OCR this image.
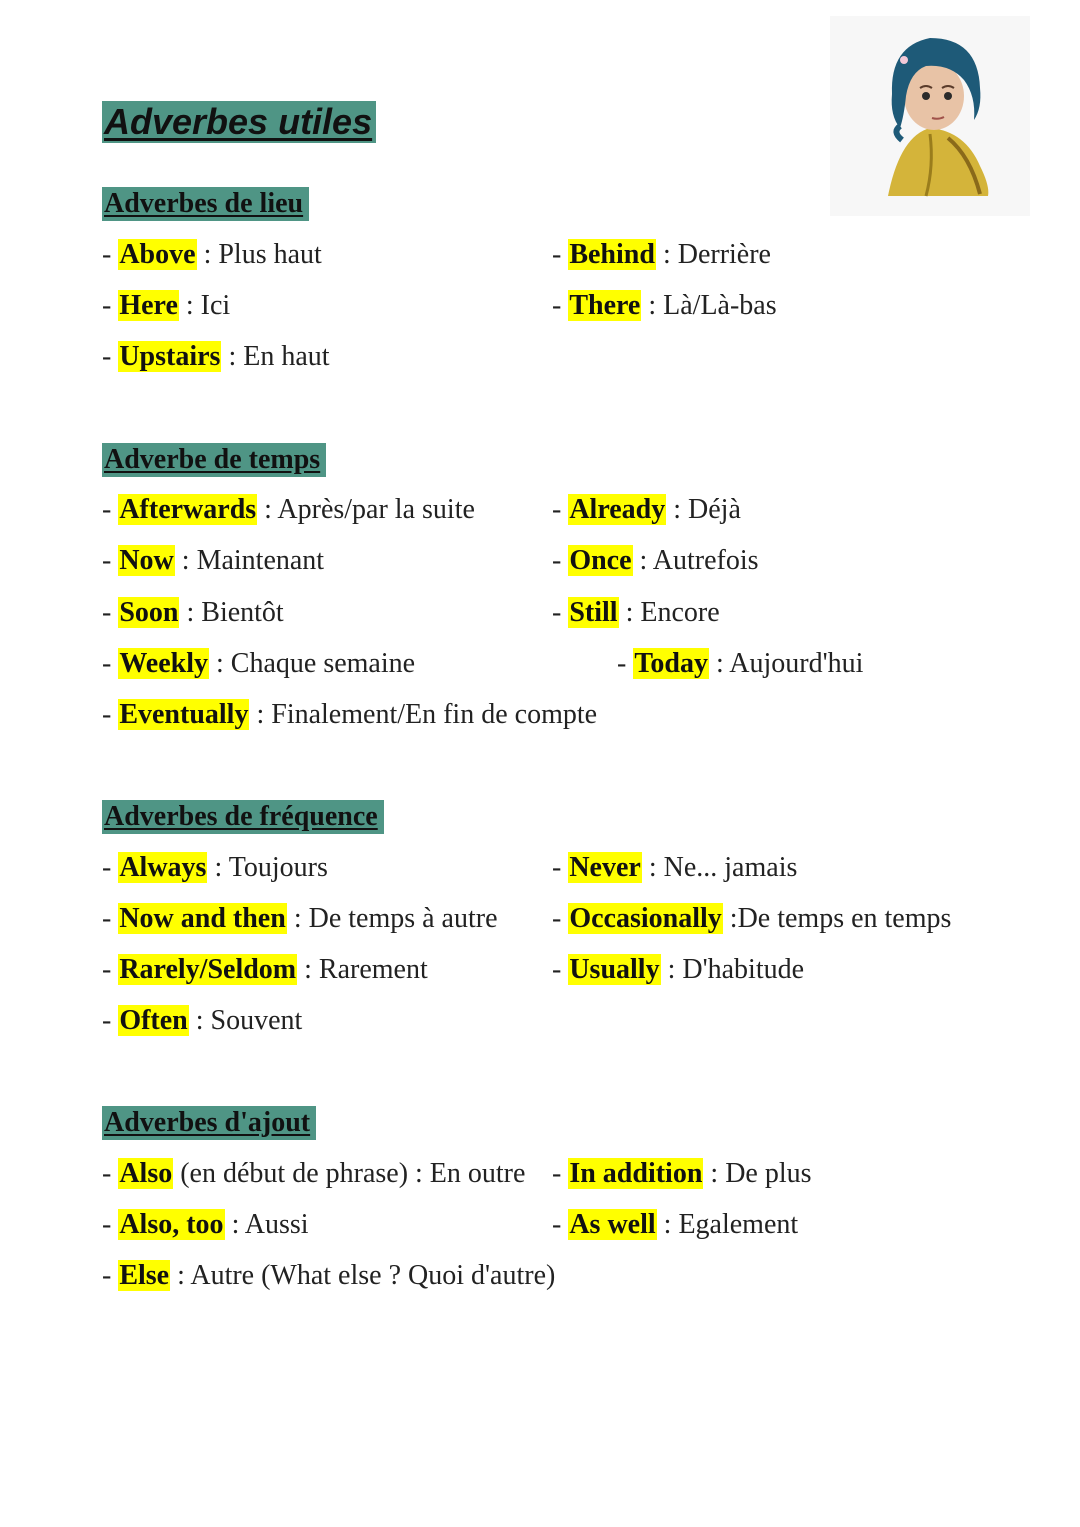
Adverbes utiles
Adverbes de lieu
- Above : Plus haut	- Behind : Derrière
- Here : Ici	- There : Là/Là-bas
- Upstairs : En haut
Adverbe de temps
- Afterwards : Après/par la suite	- Already : Déjà
- Now : Maintenant	- Once : Autrefois
- Soon : Bientôt	- Still : Encore
- Weekly : Chaque semaine	- Today : Aujourd'hui
- Eventually : Finalement/En fin de compte
Adverbes de fréquence
- Always : Toujours	- Never : Ne... jamais
- Now and then : De temps à autre - Occasionally :De temps en temps
- Rarely/Seldom : Rarement	- Usually : D'habitude
- Often : Souvent
Adverbes d'ajout
- Also (en début de phrase) : En outre - In addition : De plus
- Also, too : Aussi	- As well : Egalement
- Else : Autre (What else ? Quoi d'autre)
